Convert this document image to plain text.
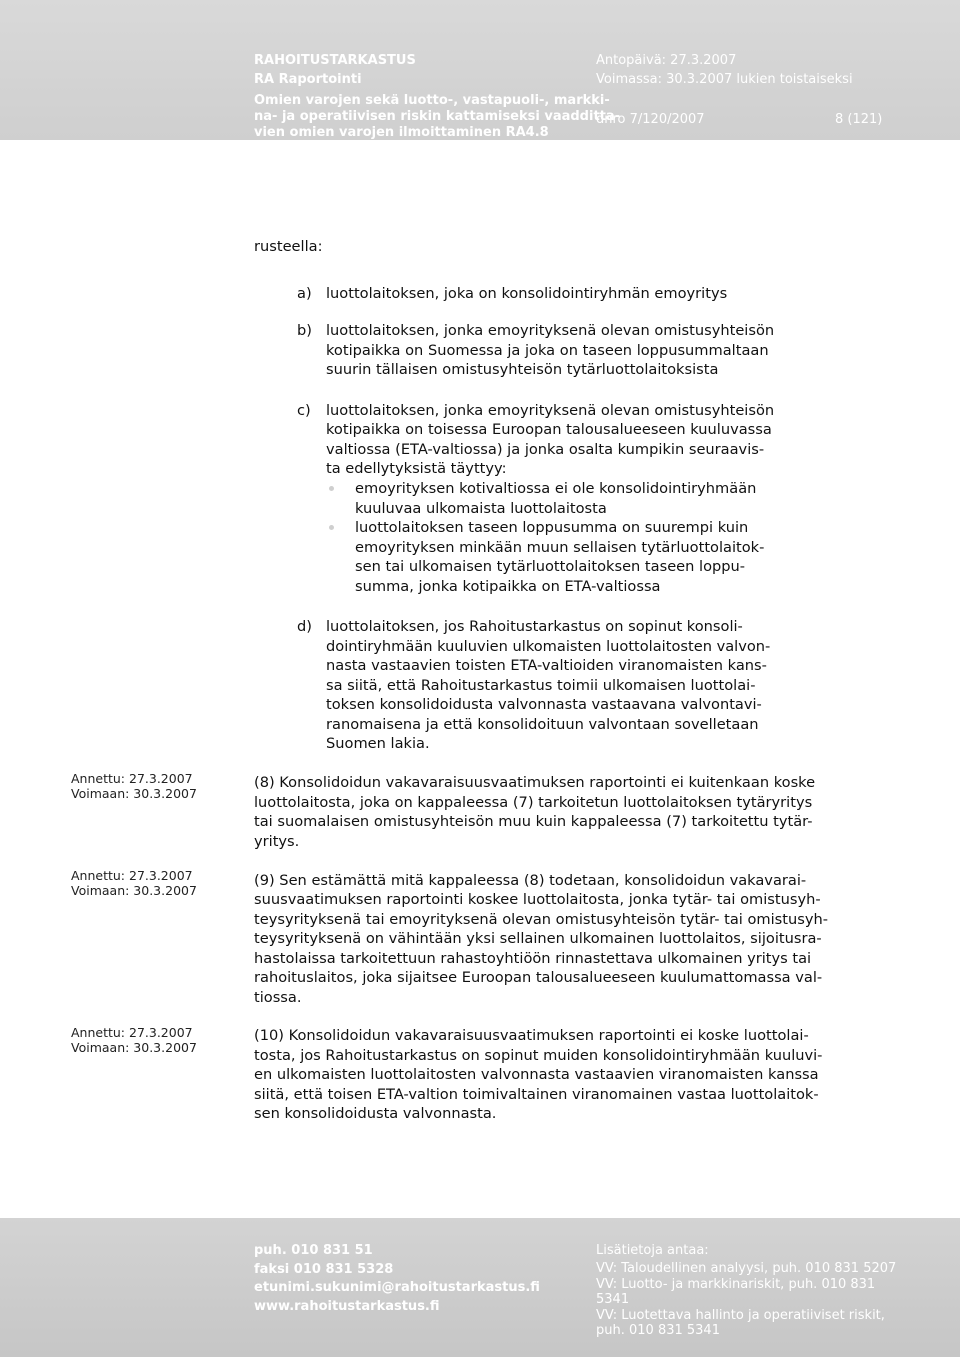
RAHOITUSTARKASTUS
RA Raportointi
Omien varojen sekä luotto-, vastapuoli-, markki-
na- ja operatiivisen riskin kattamiseksi vaadditta-
vien omien varojen ilmoittaminen RA4.8
Antopäivä: 27.3.2007
Voimassa: 30.3.2007 lukien toistaiseksi
dnro 7/120/2007	8 (121)
rusteella:
a) luottolaitoksen, joka on konsolidointiryhmän emoyritys
b) luottolaitoksen, jonka emoyrityksenä olevan omistusyhteisön
kotipaikka on Suomessa ja joka on taseen loppusummaltaan
suurin tällaisen omistusyhteisön tytärluottolaitoksista
c) luottolaitoksen, jonka emoyrityksenä olevan omistusyhteisön
kotipaikka on toisessa Euroopan talousalueeseen kuuluvassa
valtiossa (ETA-valtiossa) ja jonka osalta kumpikin seuraavis-
ta edellytyksistä täyttyy:
emoyrityksen kotivaltiossa ei ole konsolidointiryhmään
kuuluvaa ulkomaista luottolaitosta
luottolaitoksen taseen loppusumma on suurempi kuin
emoyrityksen minkään muun sellaisen tytärluottolaitok-
sen tai ulkomaisen tytärluottolaitoksen taseen loppu-
summa, jonka kotipaikka on ETA-valtiossa
d) luottolaitoksen, jos Rahoitustarkastus on sopinut konsoli-
dointiryhmään kuuluvien ulkomaisten luottolaitosten valvon-
nasta vastaavien toisten ETA-valtioiden viranomaisten kans-
sa siitä, että Rahoitustarkastus toimii ulkomaisen luottolai-
toksen konsolidoidusta valvonnasta vastaavana valvontavi-
ranomaisena ja että konsolidoituun valvontaan sovelletaan
Suomen lakia.
Annettu: 27.3.2007
Voimaan: 30.3.2007
(8) Konsolidoidun vakavaraisuusvaatimuksen raportointi ei kuitenkaan koske
luottolaitosta, joka on kappaleessa (7) tarkoitetun luottolaitoksen tytäryritys
tai suomalaisen omistusyhteisön muu kuin kappaleessa (7) tarkoitettu tytär-
yritys.
Annettu: 27.3.2007
Voimaan: 30.3.2007
(9) Sen estämättä mitä kappaleessa (8) todetaan, konsolidoidun vakavarai-
suusvaatimuksen raportointi koskee luottolaitosta, jonka tytär- tai omistusyh-
teysyrityksenä tai emoyrityksenä olevan omistusyhteisön tytär- tai omistusyh-
teysyrityksenä on vähintään yksi sellainen ulkomainen luottolaitos, sijoitusra-
hastolaissa tarkoitettuun rahastoyhtiöön rinnastettava ulkomainen yritys tai
rahoituslaitos, joka sijaitsee Euroopan talousalueeseen kuulumattomassa val-
tiossa.
Annettu: 27.3.2007
Voimaan: 30.3.2007
(10) Konsolidoidun vakavaraisuusvaatimuksen raportointi ei koske luottolai-
tosta, jos Rahoitustarkastus on sopinut muiden konsolidointiryhmään kuuluvi-
en ulkomaisten luottolaitosten valvonnasta vastaavien viranomaisten kanssa
siitä, että toisen ETA-valtion toimivaltainen viranomainen vastaa luottolaitok-
sen konsolidoidusta valvonnasta.
puh. 010 831 51
faksi 010 831 5328
etunimi.sukunimi@rahoitustarkastus.fi
www.rahoitustarkastus.fi
Lisätietoja antaa:
VV: Taloudellinen analyysi, puh. 010 831 5207
VV: Luotto- ja markkinariskit, puh. 010 831
5341
VV: Luotettava hallinto ja operatiiviset riskit,
puh. 010 831 5341
